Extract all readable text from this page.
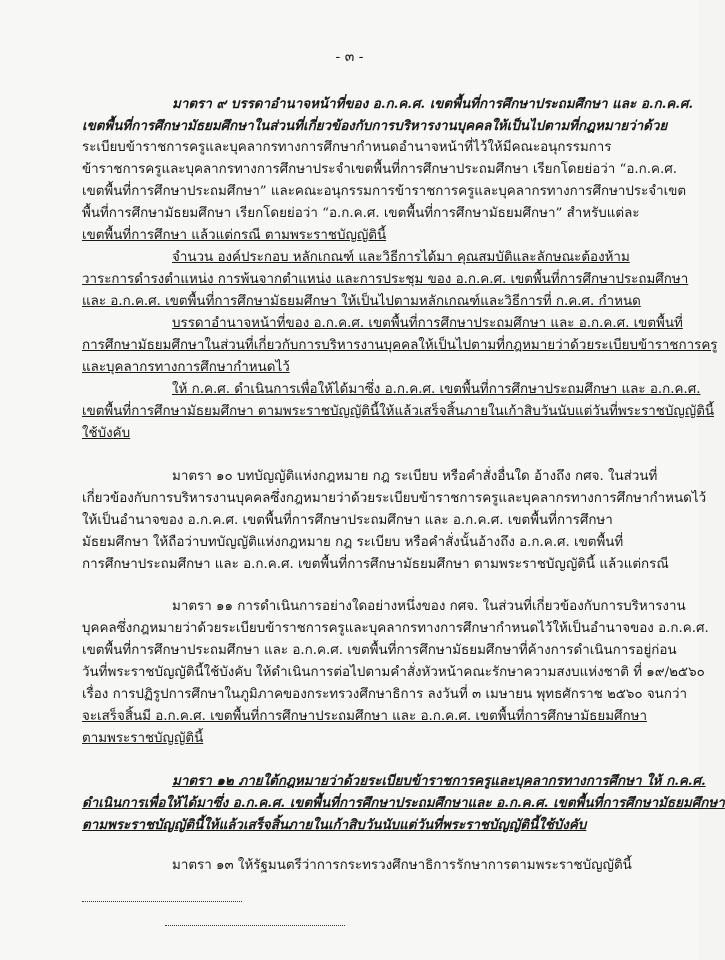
- ๓ -
มาตรา ๙ บรรดาอำนาจหน้าที่ของ อ.ก.ค.ศ. เขตพื้นที่การศึกษาประถมศึกษา และ อ.ก.ค.ศ.
เขตพื้นที่การศึกษามัธยมศึกษาในส่วนที่เกี่ยวข้องกับการบริหารงานบุคคลให้เป็นไปตามที่กฎหมายว่าด้วย
ระเบียบข้าราชการครูและบุคลากรทางการศึกษากำหนดอำนาจหน้าที่ไว้ให้มีคณะอนุกรรมการ
ข้าราชการครูและบุคลากรทางการศึกษาประจำเขตพื้นที่การศึกษาประถมศึกษา เรียกโดยย่อว่า “อ.ก.ค.ศ.
เขตพื้นที่การศึกษาประถมศึกษา” และคณะอนุกรรมการข้าราชการครูและบุคลากรทางการศึกษาประจำเขต
พื้นที่การศึกษามัธยมศึกษา เรียกโดยย่อว่า “อ.ก.ค.ศ. เขตพื้นที่การศึกษามัธยมศึกษา” สำหรับแต่ละ
เขตพื้นที่การศึกษา แล้วแต่กรณี ตามพระราชบัญญัตินี้
จำนวน องค์ประกอบ หลักเกณฑ์ และวิธีการได้มา คุณสมบัติและลักษณะต้องห้าม
วาระการดำรงตำแหน่ง การพ้นจากตำแหน่ง และการประชุม ของ อ.ก.ค.ศ. เขตพื้นที่การศึกษาประถมศึกษา
และ อ.ก.ค.ศ. เขตพื้นที่การศึกษามัธยมศึกษา ให้เป็นไปตามหลักเกณฑ์และวิธีการที่ ก.ค.ศ. กำหนด
บรรดาอำนาจหน้าที่ของ อ.ก.ค.ศ. เขตพื้นที่การศึกษาประถมศึกษา และ อ.ก.ค.ศ. เขตพื้นที่
การศึกษามัธยมศึกษาในส่วนที่เกี่ยวกับการบริหารงานบุคคลให้เป็นไปตามที่กฎหมายว่าด้วยระเบียบข้าราชการครู
และบุคลากรทางการศึกษากำหนดไว้
ให้ ก.ค.ศ. ดำเนินการเพื่อให้ได้มาซึ่ง อ.ก.ค.ศ. เขตพื้นที่การศึกษาประถมศึกษา และ อ.ก.ค.ศ.
เขตพื้นที่การศึกษามัธยมศึกษา ตามพระราชบัญญัตินี้ให้แล้วเสร็จสิ้นภายในเก้าสิบวันนับแต่วันที่พระราชบัญญัตินี้
ใช้บังคับ
มาตรา ๑๐ บทบัญญัติแห่งกฎหมาย กฎ ระเบียบ หรือคำสั่งอื่นใด อ้างถึง กศจ. ในส่วนที่
เกี่ยวข้องกับการบริหารงานบุคคลซึ่งกฎหมายว่าด้วยระเบียบข้าราชการครูและบุคลากรทางการศึกษากำหนดไว้
ให้เป็นอำนาจของ อ.ก.ค.ศ. เขตพื้นที่การศึกษาประถมศึกษา และ อ.ก.ค.ศ. เขตพื้นที่การศึกษา
มัธยมศึกษา ให้ถือว่าบทบัญญัติแห่งกฎหมาย กฎ ระเบียบ หรือคำสั่งนั้นอ้างถึง อ.ก.ค.ศ. เขตพื้นที่
การศึกษาประถมศึกษา และ อ.ก.ค.ศ. เขตพื้นที่การศึกษามัธยมศึกษา ตามพระราชบัญญัตินี้ แล้วแต่กรณี
มาตรา ๑๑ การดำเนินการอย่างใดอย่างหนึ่งของ กศจ. ในส่วนที่เกี่ยวข้องกับการบริหารงาน
บุคคลซึ่งกฎหมายว่าด้วยระเบียบข้าราชการครูและบุคลากรทางการศึกษากำหนดไว้ให้เป็นอำนาจของ อ.ก.ค.ศ.
เขตพื้นที่การศึกษาประถมศึกษา และ อ.ก.ค.ศ. เขตพื้นที่การศึกษามัธยมศึกษาที่ค้างการดำเนินการอยู่ก่อน
วันที่พระราชบัญญัตินี้ใช้บังคับ ให้ดำเนินการต่อไปตามคำสั่งหัวหน้าคณะรักษาความสงบแห่งชาติ ที่ ๑๙/๒๕๖๐
เรื่อง การปฏิรูปการศึกษาในภูมิภาคของกระทรวงศึกษาธิการ ลงวันที่ ๓ เมษายน พุทธศักราช ๒๕๖๐ จนกว่า
จะเสร็จสิ้นมี อ.ก.ค.ศ. เขตพื้นที่การศึกษาประถมศึกษา และ อ.ก.ค.ศ. เขตพื้นที่การศึกษามัธยมศึกษา
ตามพระราชบัญญัตินี้
มาตรา ๑๒ ภายใต้กฎหมายว่าด้วยระเบียบข้าราชการครูและบุคลากรทางการศึกษา ให้ ก.ค.ศ.
ดำเนินการเพื่อให้ได้มาซึ่ง อ.ก.ค.ศ. เขตพื้นที่การศึกษาประถมศึกษาและ อ.ก.ค.ศ. เขตพื้นที่การศึกษามัธยมศึกษา
ตามพระราชบัญญัตินี้ให้แล้วเสร็จสิ้นภายในเก้าสิบวันนับแต่วันที่พระราชบัญญัตินี้ใช้บังคับ
มาตรา ๑๓ ให้รัฐมนตรีว่าการกระทรวงศึกษาธิการรักษาการตามพระราชบัญญัตินี้
